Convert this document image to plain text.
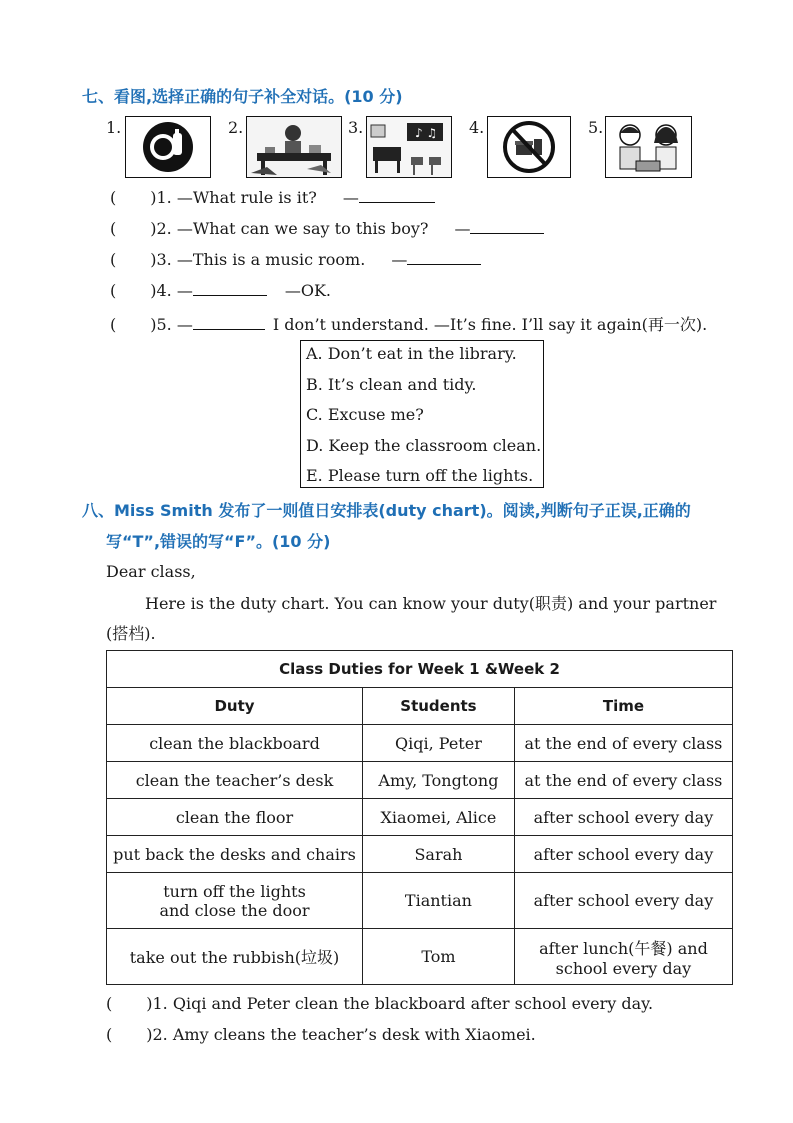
七、看图,选择正确的句子补全对话。(10 分)
1.	2.	3.	4.	5.
♪ ♫
( )1. —What rule is it? —
( )2. —What can we say to this boy? —
( )3. —This is a music room. —
( )4. —	—OK.
( )5. —	I don’t understand. —It’s fine. I’ll say it again(再一次).
A. Don’t eat in the library.
B. It’s clean and tidy.
C. Excuse me?
D. Keep the classroom clean.
E. Please turn off the lights.
八、Miss Smith 发布了一则值日安排表(duty chart)。阅读,判断句子正误,正确的
写“T”,错误的写“F”。(10 分)
Dear class,
Here is the duty chart. You can know your duty(职责) and your partner
(搭档).
Class Duties for Week 1 &Week 2		
Duty	Students	Time
clean the blackboard	Qiqi, Peter	at the end of every class
clean the teacher’s desk	Amy, Tongtong	at the end of every class
clean the floor	Xiaomei, Alice	after school every day
put back the desks and chairs	Sarah	after school every day

turn off the lights
and close the door	Tiantian	after school every day
take out the rubbish(垃圾)	Tom	after lunch(午餐) and
school every day
( )1. Qiqi and Peter clean the blackboard after school every day.
( )2. Amy cleans the teacher’s desk with Xiaomei.
